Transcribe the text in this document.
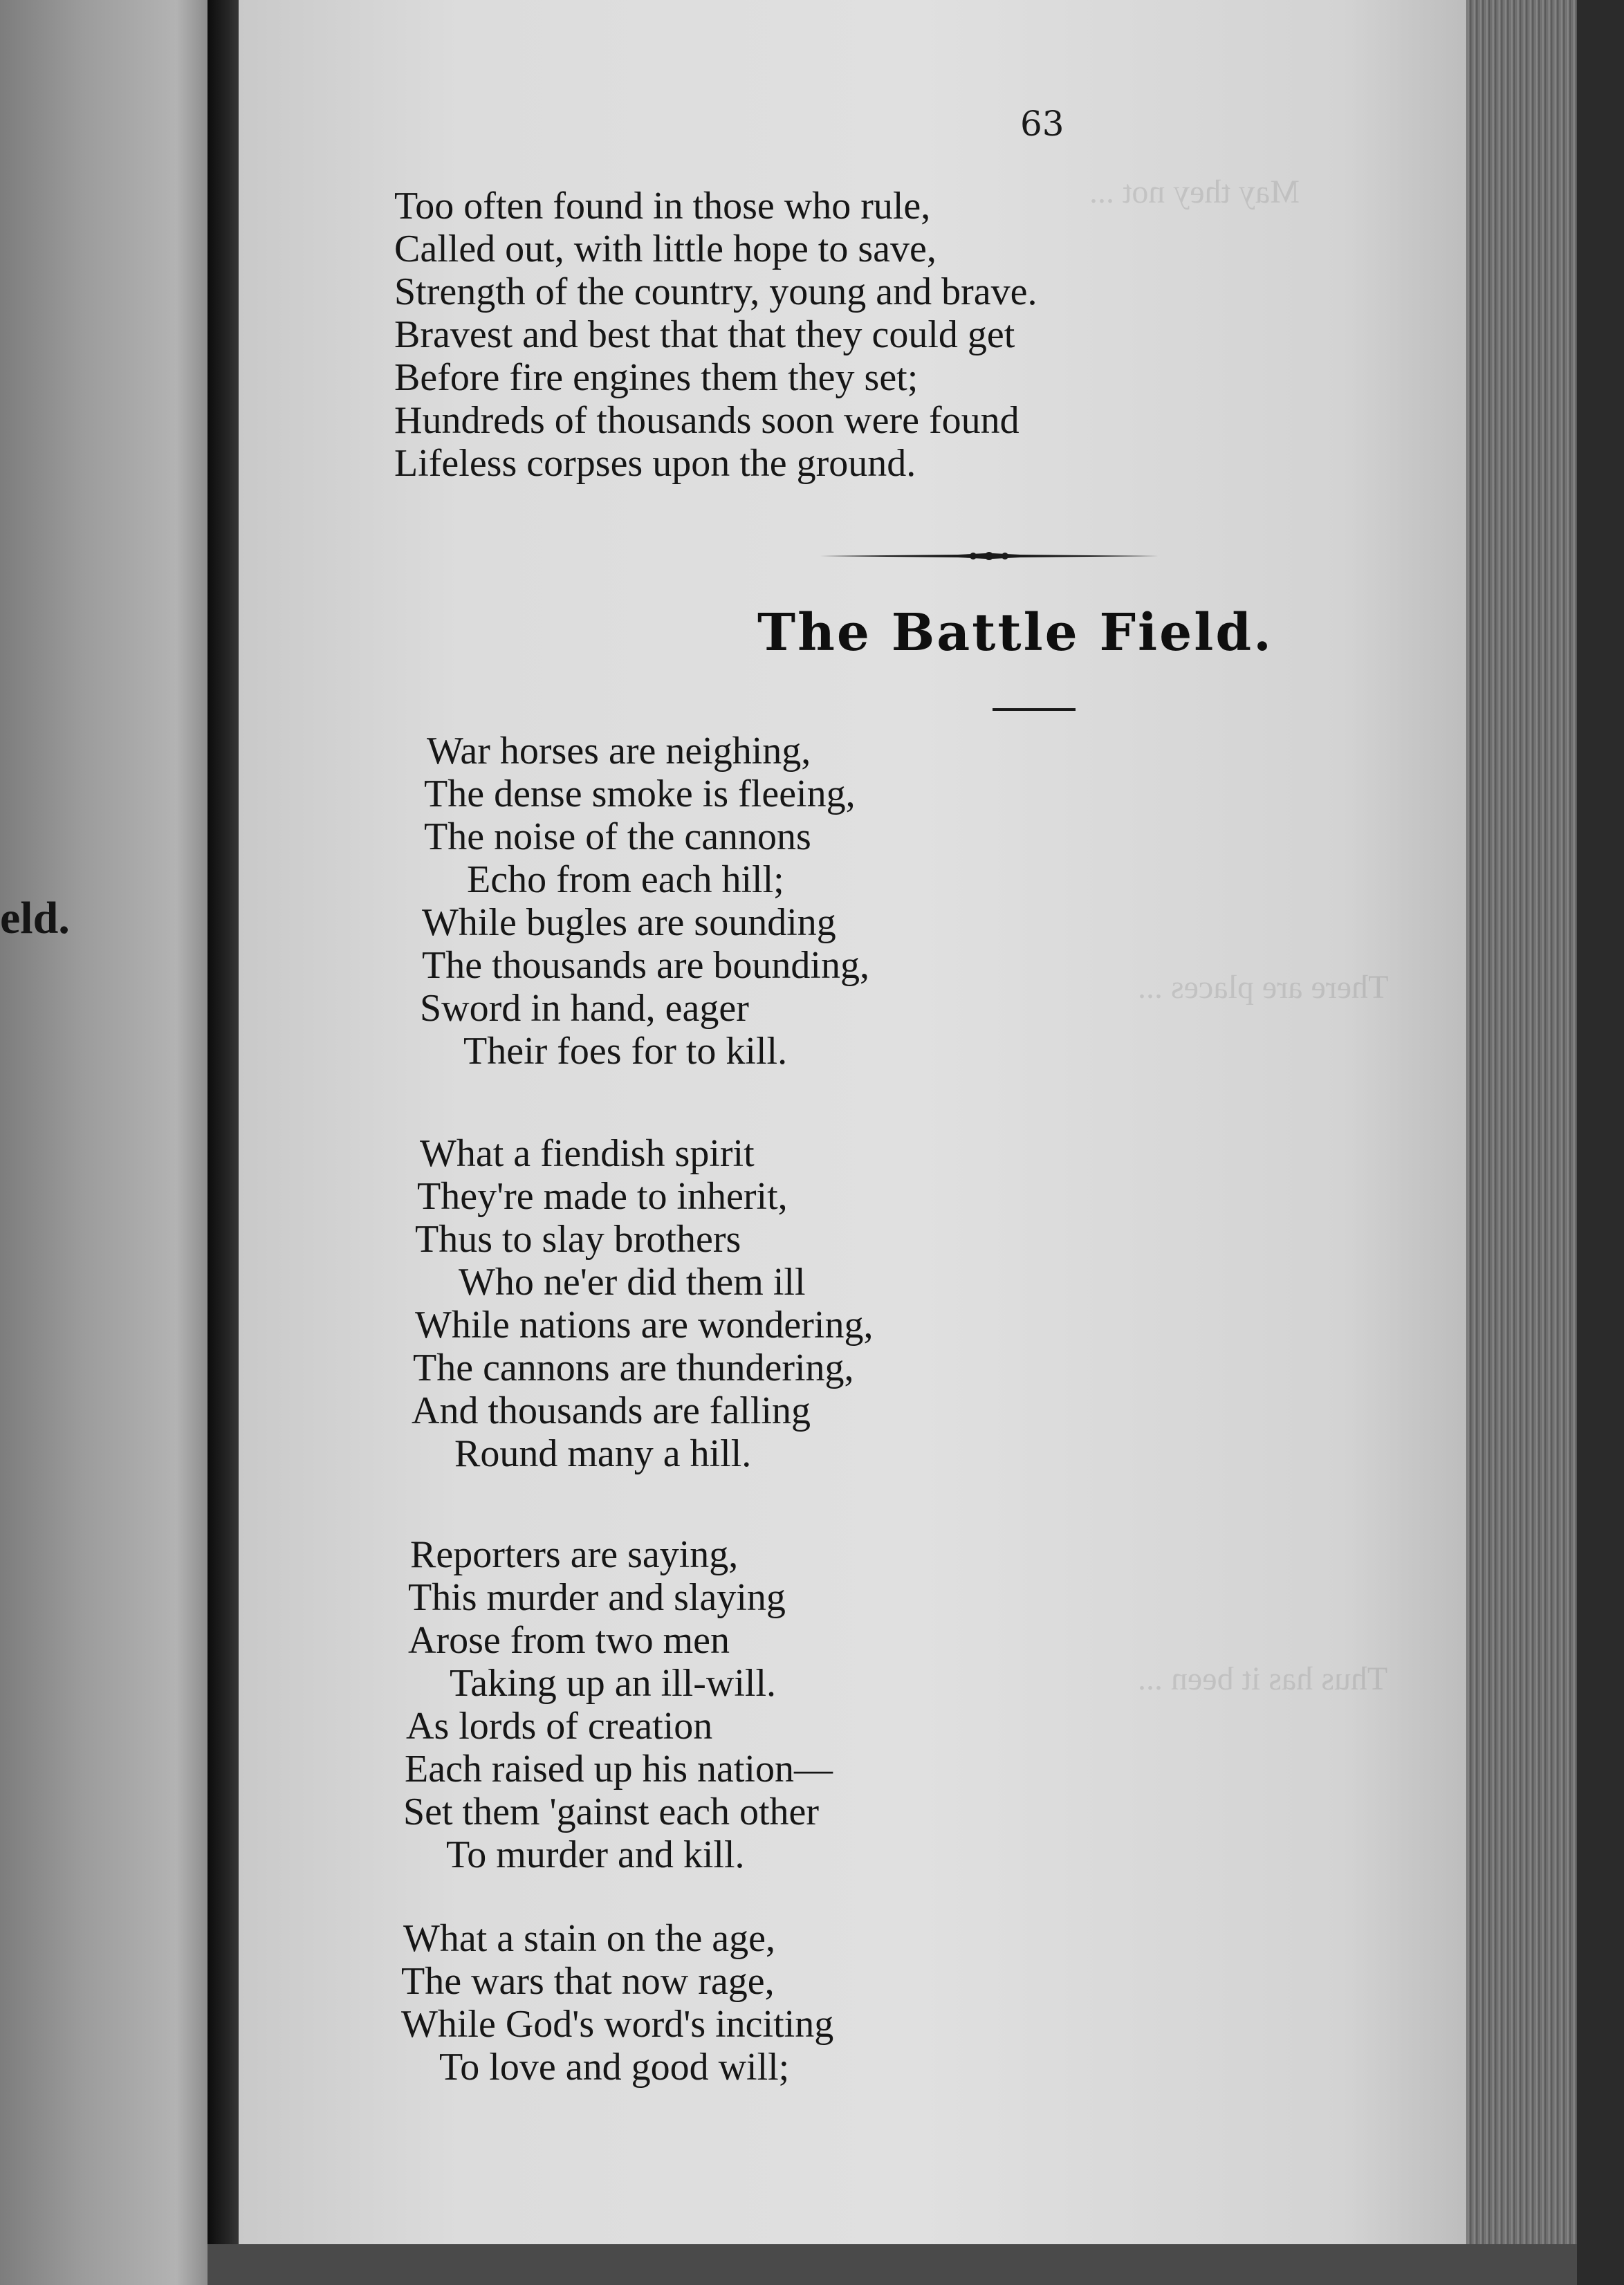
eld.
May they not ...
There are places ...
Thus has it been ...
63
Too often found in those who rule,
Called out, with little hope to save,
Strength of the country, young and brave.
Bravest and best that that they could get
Before fire engines them they set;
Hundreds of thousands soon were found
Lifeless corpses upon the ground.
The Battle Field.
War horses are neighing,
The dense smoke is fleeing,
The noise of the cannons
Echo from each hill;
While bugles are sounding
The thousands are bounding,
Sword in hand, eager
Their foes for to kill.
What a fiendish spirit
They're made to inherit,
Thus to slay brothers
Who ne'er did them ill
While nations are wondering,
The cannons are thundering,
And thousands are falling
Round many a hill.
Reporters are saying,
This murder and slaying
Arose from two men
Taking up an ill-will.
As lords of creation
Each raised up his nation—
Set them 'gainst each other
To murder and kill.
What a stain on the age,
The wars that now rage,
While God's word's inciting
To love and good will;
